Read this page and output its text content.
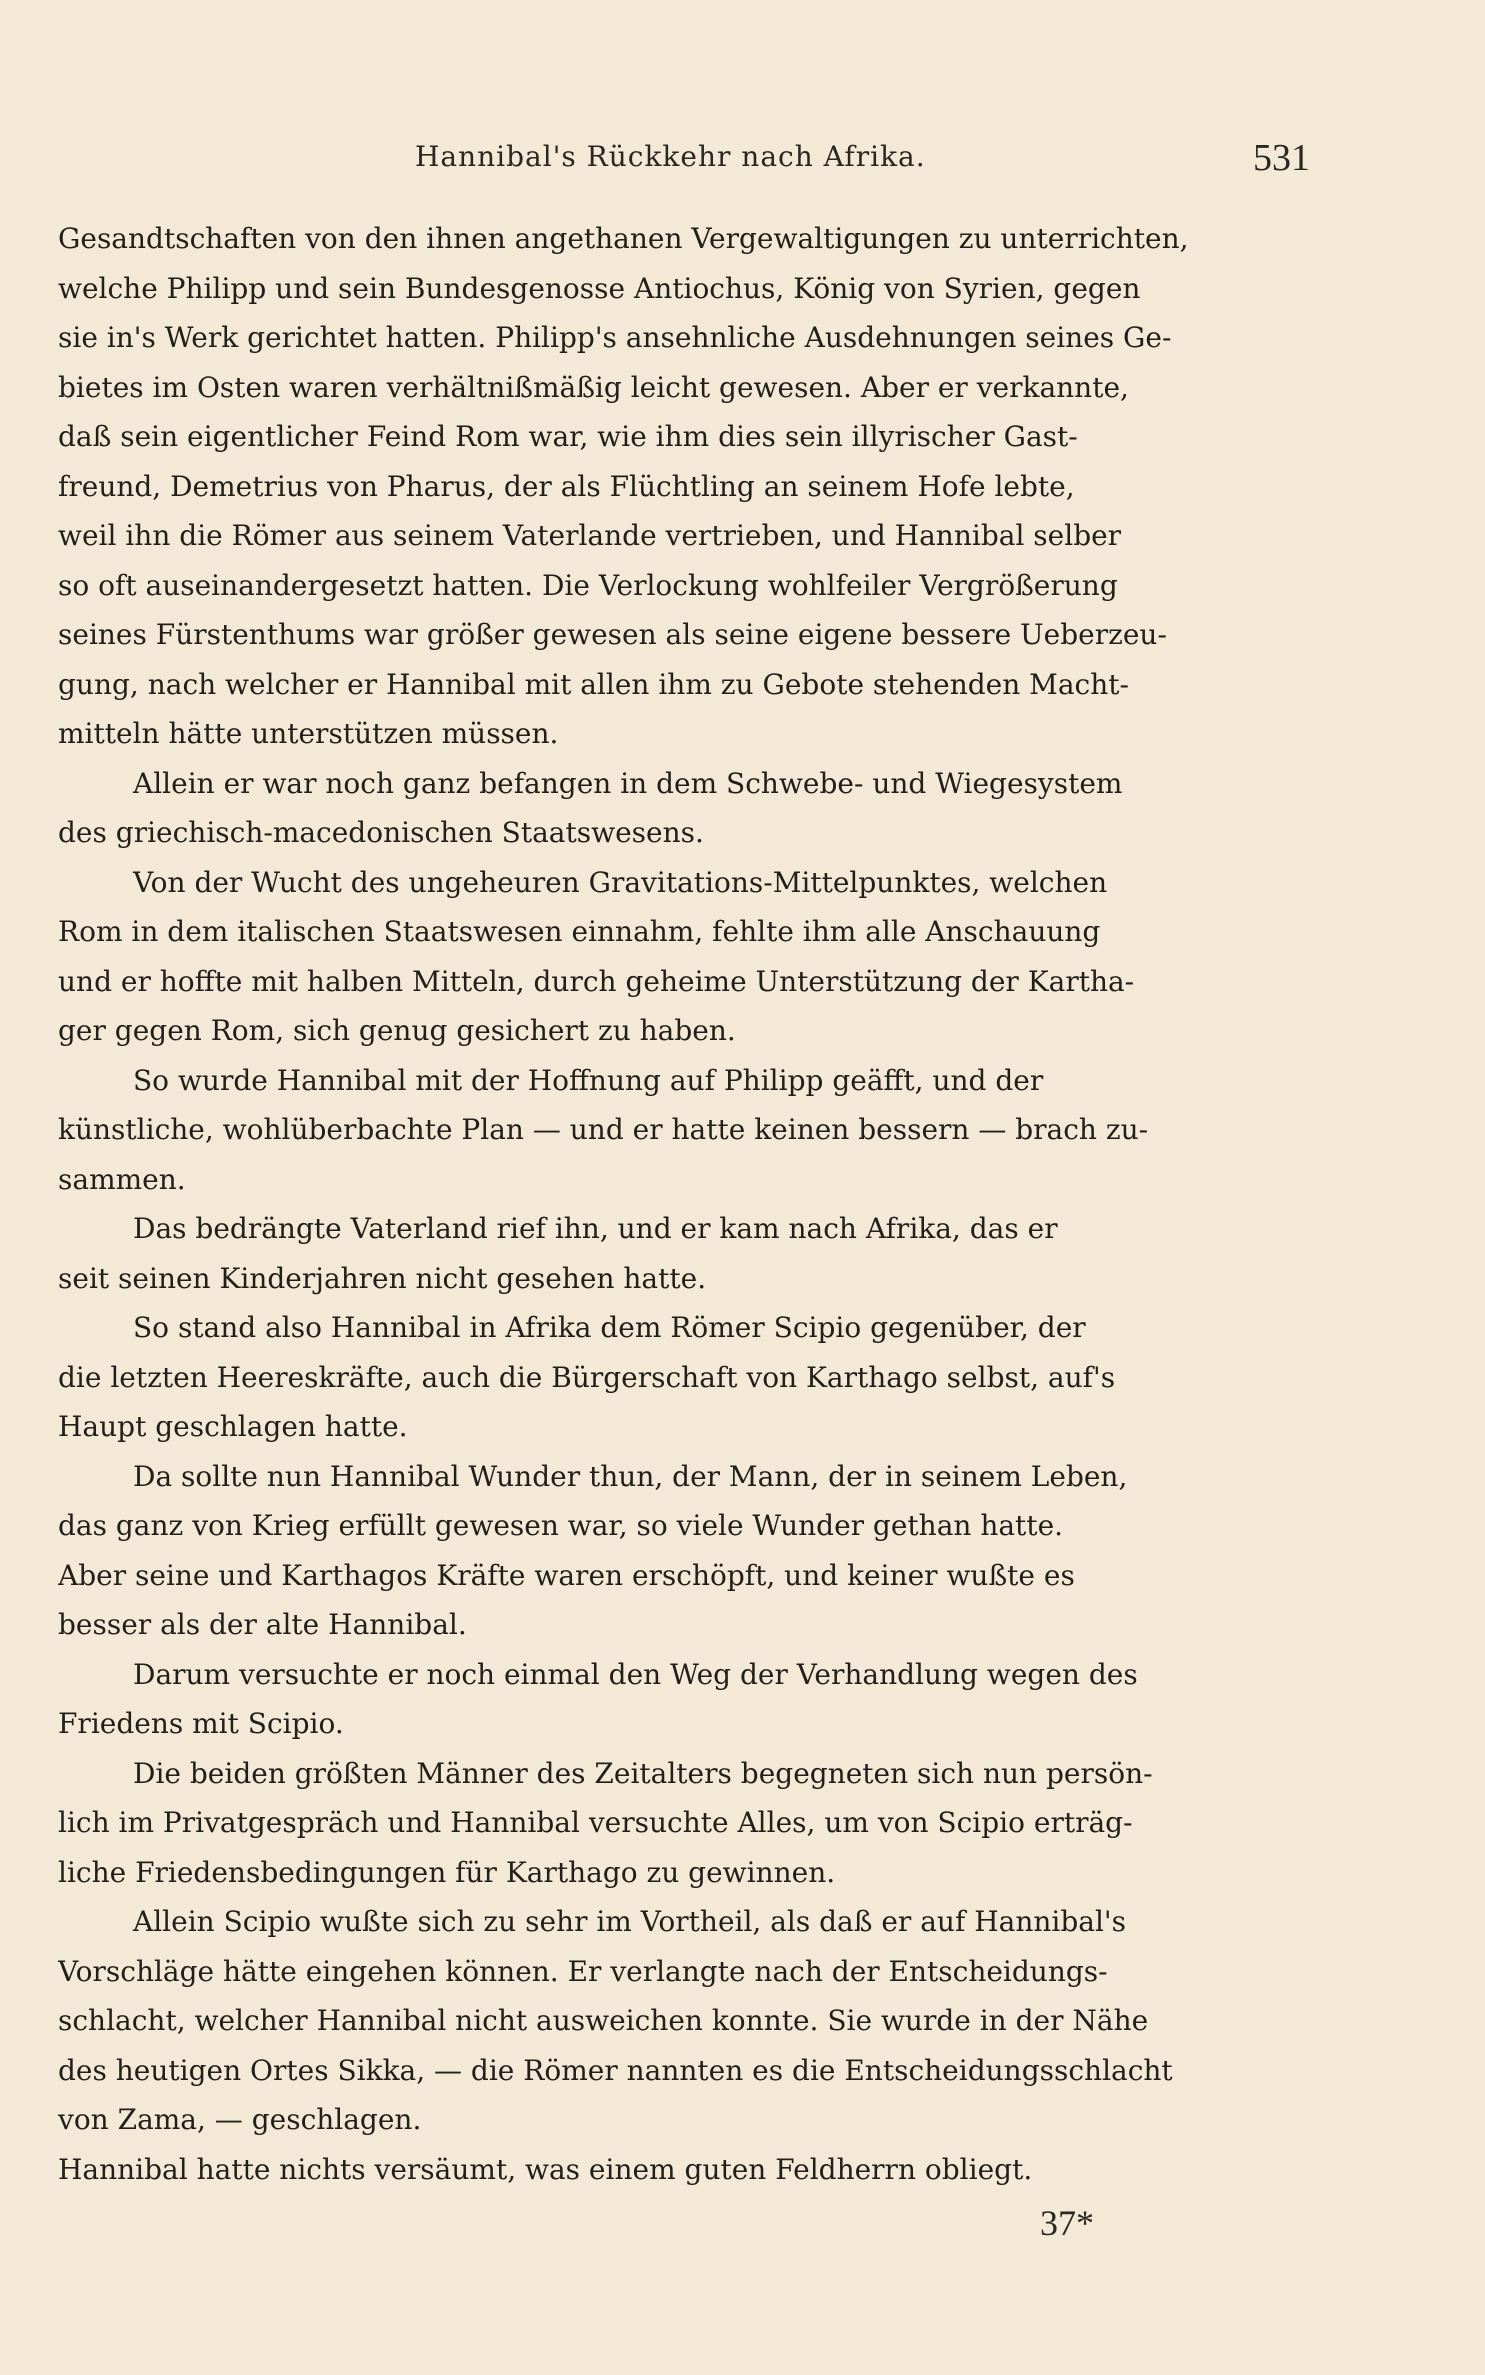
Hannibal's Rückkehr nach Afrika.	531
Gesandtschaften von den ihnen angethanen Vergewaltigungen zu unterrichten,
welche Philipp und sein Bundesgenosse Antiochus, König von Syrien, gegen
sie in's Werk gerichtet hatten. Philipp's ansehnliche Ausdehnungen seines Ge-
bietes im Osten waren verhältnißmäßig leicht gewesen. Aber er verkannte,
daß sein eigentlicher Feind Rom war, wie ihm dies sein illyrischer Gast-
freund, Demetrius von Pharus, der als Flüchtling an seinem Hofe lebte,
weil ihn die Römer aus seinem Vaterlande vertrieben, und Hannibal selber
so oft auseinandergesetzt hatten. Die Verlockung wohlfeiler Vergrößerung
seines Fürstenthums war größer gewesen als seine eigene bessere Ueberzeu-
gung, nach welcher er Hannibal mit allen ihm zu Gebote stehenden Macht-
mitteln hätte unterstützen müssen.
Allein er war noch ganz befangen in dem Schwebe- und Wiegesystem
des griechisch-macedonischen Staatswesens.
Von der Wucht des ungeheuren Gravitations-Mittelpunktes, welchen
Rom in dem italischen Staatswesen einnahm, fehlte ihm alle Anschauung
und er hoffte mit halben Mitteln, durch geheime Unterstützung der Kartha-
ger gegen Rom, sich genug gesichert zu haben.
So wurde Hannibal mit der Hoffnung auf Philipp geäfft, und der
künstliche, wohlüberbachte Plan — und er hatte keinen bessern — brach zu-
sammen.
Das bedrängte Vaterland rief ihn, und er kam nach Afrika, das er
seit seinen Kinderjahren nicht gesehen hatte.
So stand also Hannibal in Afrika dem Römer Scipio gegenüber, der
die letzten Heereskräfte, auch die Bürgerschaft von Karthago selbst, auf's
Haupt geschlagen hatte.
Da sollte nun Hannibal Wunder thun, der Mann, der in seinem Leben,
das ganz von Krieg erfüllt gewesen war, so viele Wunder gethan hatte.
Aber seine und Karthagos Kräfte waren erschöpft, und keiner wußte es
besser als der alte Hannibal.
Darum versuchte er noch einmal den Weg der Verhandlung wegen des
Friedens mit Scipio.
Die beiden größten Männer des Zeitalters begegneten sich nun persön-
lich im Privatgespräch und Hannibal versuchte Alles, um von Scipio erträg-
liche Friedensbedingungen für Karthago zu gewinnen.
Allein Scipio wußte sich zu sehr im Vortheil, als daß er auf Hannibal's
Vorschläge hätte eingehen können. Er verlangte nach der Entscheidungs-
schlacht, welcher Hannibal nicht ausweichen konnte. Sie wurde in der Nähe
des heutigen Ortes Sikka, — die Römer nannten es die Entscheidungsschlacht
von Zama, — geschlagen.
Hannibal hatte nichts versäumt, was einem guten Feldherrn obliegt.
37*
